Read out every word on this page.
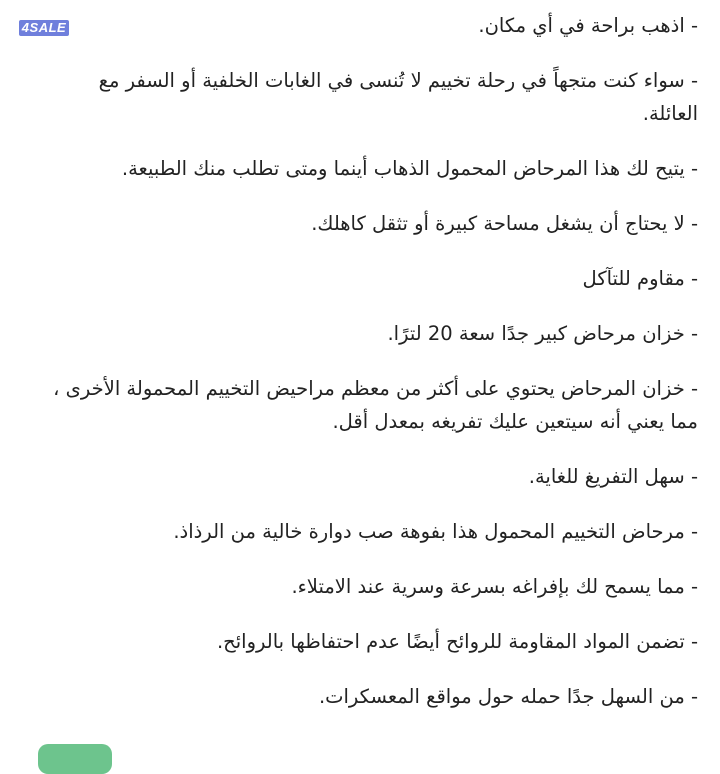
4SALE	- اذهب براحة في أي مكان.

- سواء كنت متجهاً في رحلة تخييم لا تُنسى في الغابات الخلفية أو السفر مع العائلة.

- يتيح لك هذا المرحاض المحمول الذهاب أينما ومتى تطلب منك الطبيعة.

- لا يحتاج أن يشغل مساحة كبيرة أو تثقل كاهلك.

- مقاوم للتآكل

- خزان مرحاض كبير جدًا سعة 20 لترًا.

- خزان المرحاض يحتوي على أكثر من معظم مراحيض التخييم المحمولة الأخرى ، مما يعني أنه سيتعين عليك تفريغه بمعدل أقل.

- سهل التفريغ للغاية.

- مرحاض التخييم المحمول هذا بفوهة صب دوارة خالية من الرذاذ.

- مما يسمح لك بإفراغه بسرعة وسرية عند الامتلاء.

- تضمن المواد المقاومة للروائح أيضًا عدم احتفاظها بالروائح.

- من السهل جدًا حمله حول مواقع المعسكرات.
